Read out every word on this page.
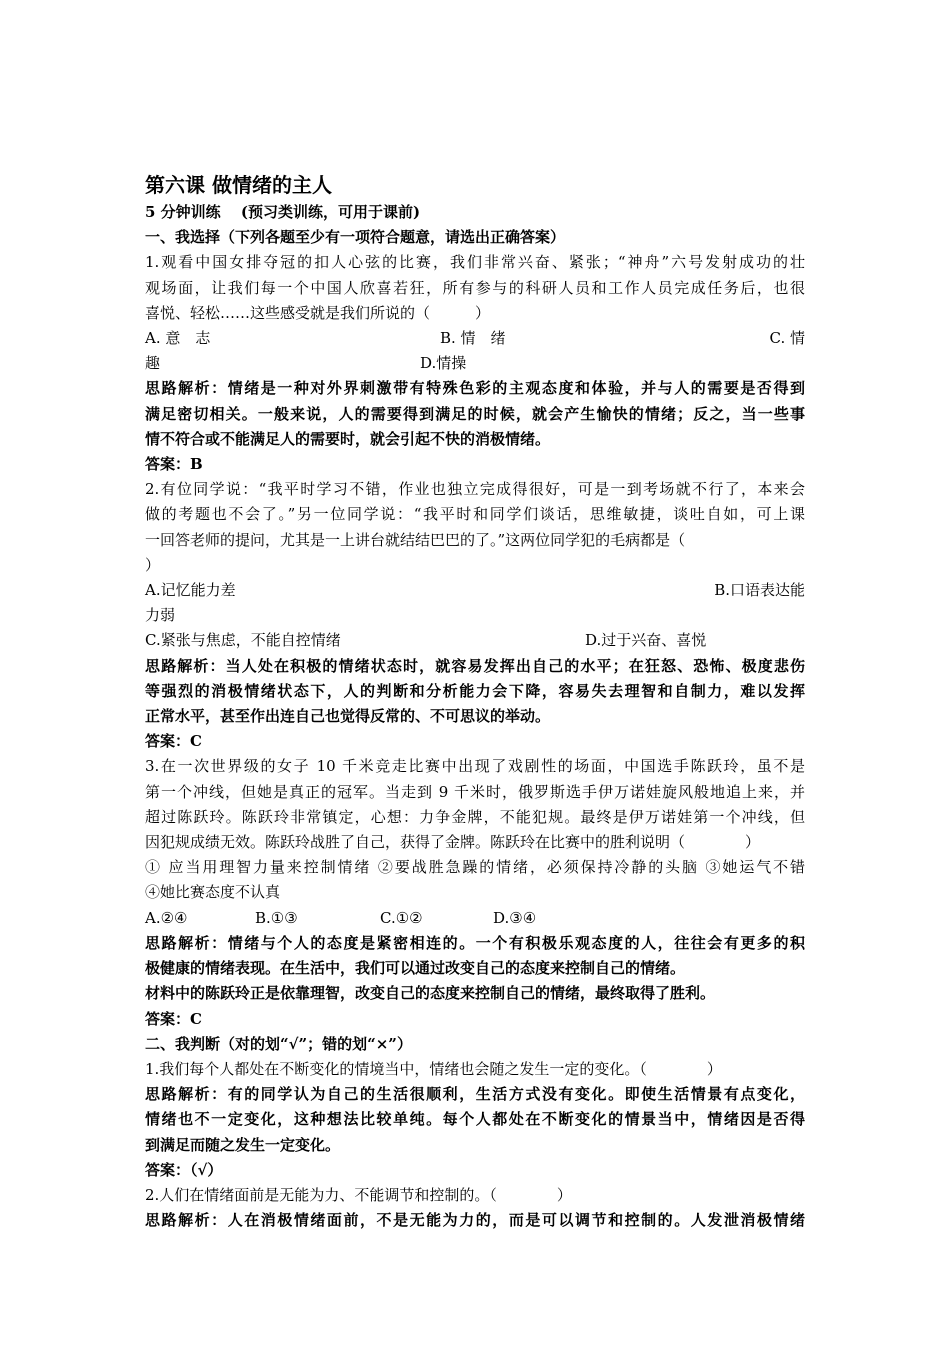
第六课 做情绪的主人
5 分钟训练　 (预习类训练，可用于课前)
一、我选择（下列各题至少有一项符合题意，请选出正确答案）
1.观看中国女排夺冠的扣人心弦的比赛，我们非常兴奋、紧张；“神舟”六号发射成功的壮
观场面，让我们每一个中国人欣喜若狂，所有参与的科研人员和工作人员完成任务后，也很
喜悦、轻松……这些感受就是我们所说的（　　　）
A. 意　志	B. 情　绪	C. 情
趣	D.情操
思路解析：情绪是一种对外界刺激带有特殊色彩的主观态度和体验，并与人的需要是否得到
满足密切相关。一般来说，人的需要得到满足的时候，就会产生愉快的情绪；反之，当一些事
情不符合或不能满足人的需要时，就会引起不快的消极情绪。
答案：B
2.有位同学说：“我平时学习不错，作业也独立完成得很好，可是一到考场就不行了，本来会
做的考题也不会了。”另一位同学说：“我平时和同学们谈话，思维敏捷，谈吐自如，可上课
一回答老师的提问，尤其是一上讲台就结结巴巴的了。”这两位同学犯的毛病都是（
）
A.记忆能力差	B.口语表达能
力弱
C.紧张与焦虑，不能自控情绪	D.过于兴奋、喜悦
思路解析：当人处在积极的情绪状态时，就容易发挥出自己的水平；在狂怒、恐怖、极度悲伤
等强烈的消极情绪状态下，人的判断和分析能力会下降，容易失去理智和自制力，难以发挥
正常水平，甚至作出连自己也觉得反常的、不可思议的举动。
答案：C
3.在一次世界级的女子 10 千米竞走比赛中出现了戏剧性的场面，中国选手陈跃玲，虽不是
第一个冲线，但她是真正的冠军。当走到 9 千米时，俄罗斯选手伊万诺娃旋风般地追上来，并
超过陈跃玲。陈跃玲非常镇定，心想：力争金牌，不能犯规。最终是伊万诺娃第一个冲线，但
因犯规成绩无效。陈跃玲战胜了自己，获得了金牌。陈跃玲在比赛中的胜利说明（　　　　）
① 应当用理智力量来控制情绪 ②要战胜急躁的情绪，必须保持冷静的头脑 ③她运气不错
④她比赛态度不认真
A.②④	B.①③	C.①②	D.③④
思路解析：情绪与个人的态度是紧密相连的。一个有积极乐观态度的人，往往会有更多的积
极健康的情绪表现。在生活中，我们可以通过改变自己的态度来控制自己的情绪。
材料中的陈跃玲正是依靠理智，改变自己的态度来控制自己的情绪，最终取得了胜利。
答案：C
二、我判断（对的划“√”；错的划“×”）
1.我们每个人都处在不断变化的情境当中，情绪也会随之发生一定的变化。（　　　　）
思路解析：有的同学认为自己的生活很顺利，生活方式没有变化。即使生活情景有点变化，
情绪也不一定变化，这种想法比较单纯。每个人都处在不断变化的情景当中，情绪因是否得
到满足而随之发生一定变化。
答案：（√）
2.人们在情绪面前是无能为力、不能调节和控制的。（　　　　）
思路解析：人在消极情绪面前，不是无能为力的，而是可以调节和控制的。人发泄消极情绪
